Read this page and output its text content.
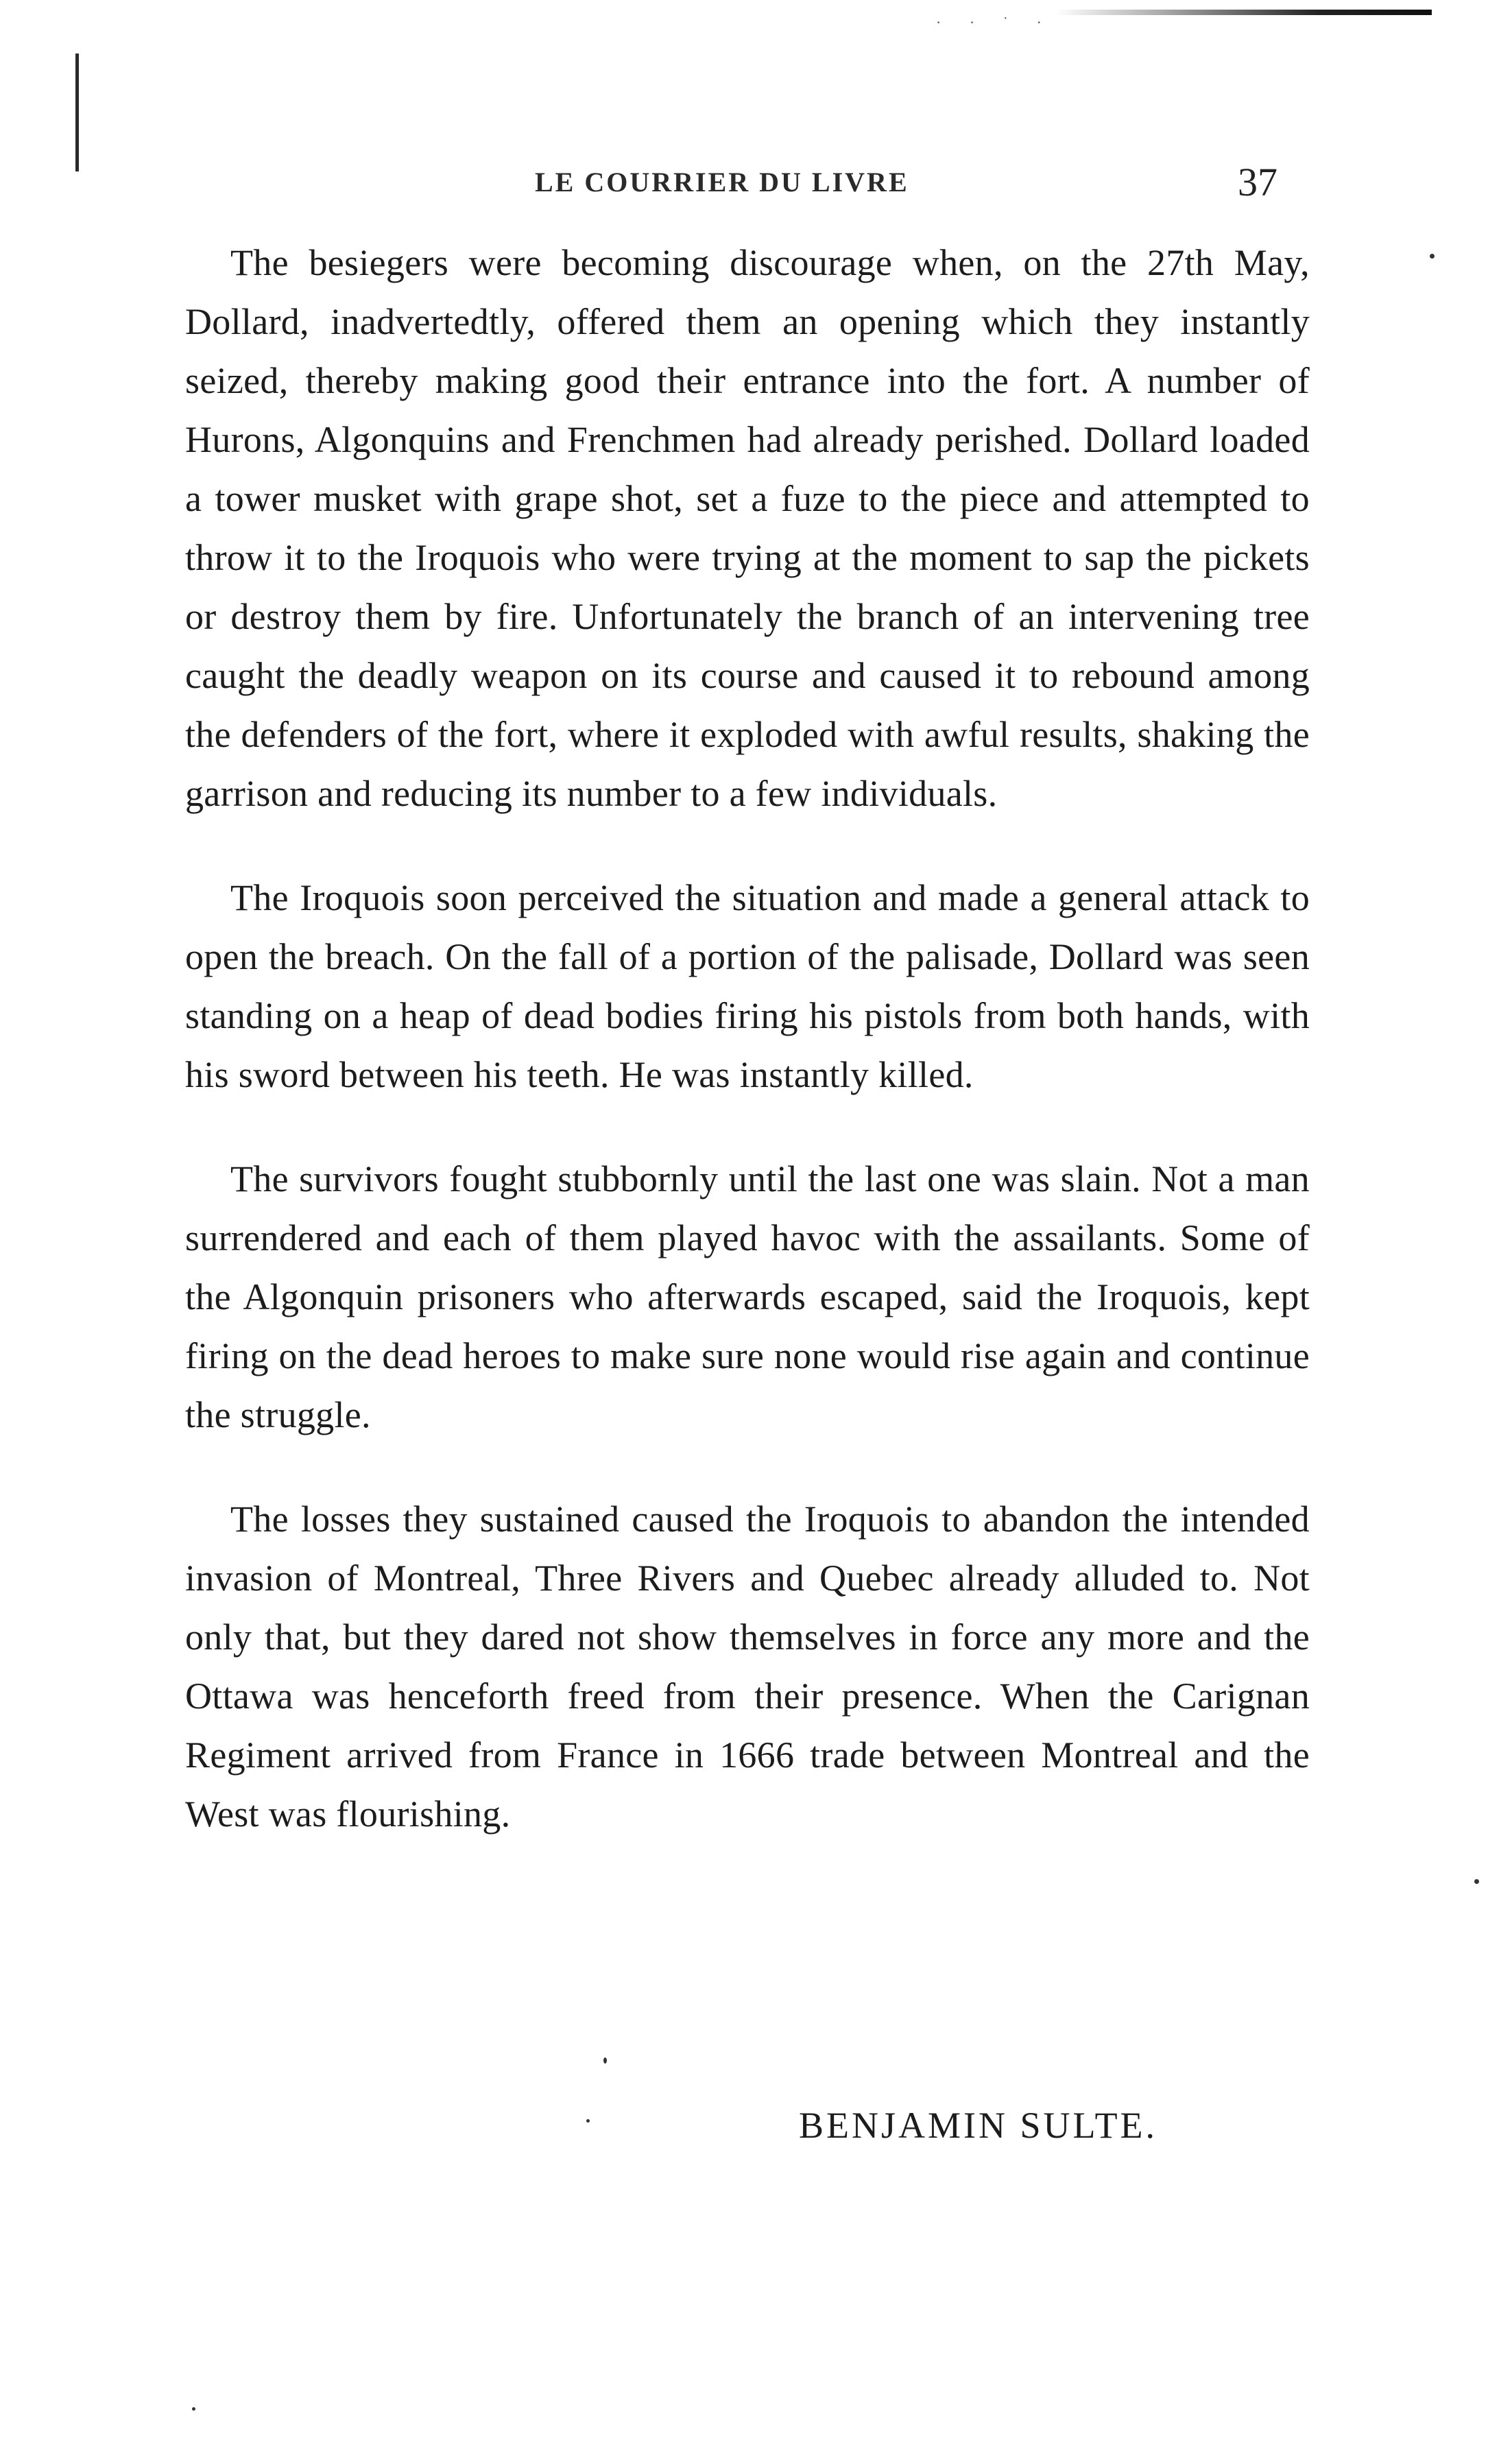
· · ˙ ·
LE COURRIER DU LIVRE	37

The besiegers were becoming discourage when, on the 27th May, Dollard, inadvertedtly, offered them an opening which they instantly seized, thereby making good their entrance into the fort. A number of Hurons, Algonquins and Frenchmen had already perished. Dollard loaded a tower musket with grape shot, set a fuze to the piece and attempted to throw it to the Iroquois who were trying at the moment to sap the pickets or destroy them by fire. Unfortunately the branch of an intervening tree caught the deadly weapon on its course and caused it to rebound among the defenders of the fort, where it exploded with awful results, shaking the garrison and reducing its number to a few individuals.

The Iroquois soon perceived the situation and made a general attack to open the breach. On the fall of a portion of the palisade, Dollard was seen standing on a heap of dead bodies firing his pistols from both hands, with his sword between his teeth. He was instantly killed.

The survivors fought stubbornly until the last one was slain. Not a man surrendered and each of them played havoc with the assailants. Some of the Algonquin prisoners who afterwards escaped, said the Iroquois, kept firing on the dead heroes to make sure none would rise again and continue the struggle.

The losses they sustained caused the Iroquois to abandon the intended invasion of Montreal, Three Rivers and Quebec already alluded to. Not only that, but they dared not show themselves in force any more and the Ottawa was henceforth freed from their presence. When the Carignan Regiment arrived from France in 1666 trade between Montreal and the West was flourishing.

BENJAMIN SULTE.
